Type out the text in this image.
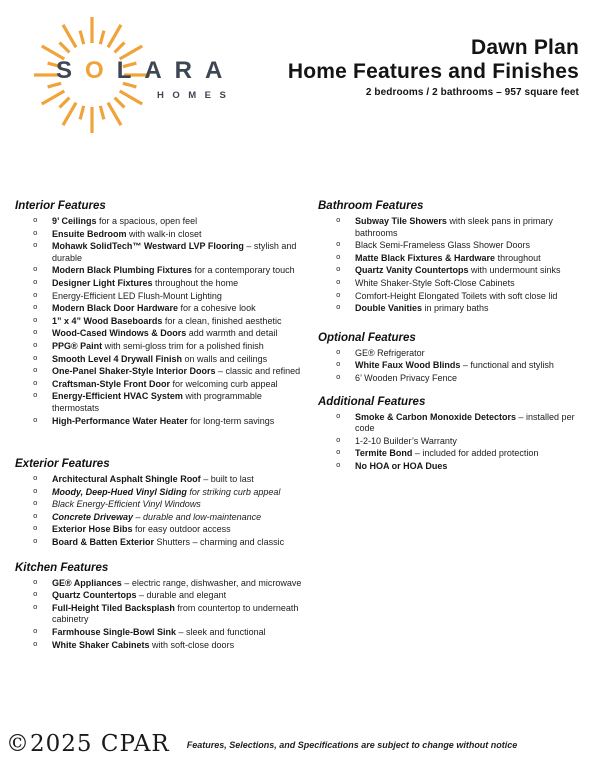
SOLARA
HOMES
Dawn Plan
Home Features and Finishes
2 bedrooms / 2 bathrooms – 957 square feet
Interior Features
o	9’ Ceilings for a spacious, open feel
o	Ensuite Bedroom with walk-in closet
o	Mohawk SolidTech™ Westward LVP Flooring – stylish and durable
o	Modern Black Plumbing Fixtures for a contemporary touch
o	Designer Light Fixtures throughout the home
o	Energy-Efficient LED Flush-Mount Lighting
o	Modern Black Door Hardware for a cohesive look
o	1” x 4” Wood Baseboards for a clean, finished aesthetic
o	Wood-Cased Windows & Doors add warmth and detail
o	PPG® Paint with semi-gloss trim for a polished finish
o	Smooth Level 4 Drywall Finish on walls and ceilings
o	One-Panel Shaker-Style Interior Doors – classic and refined
o	Craftsman-Style Front Door for welcoming curb appeal
o	Energy-Efficient HVAC System with programmable thermostats
o	High-Performance Water Heater for long-term savings
Exterior Features
o	Architectural Asphalt Shingle Roof – built to last
o	Moody, Deep-Hued Vinyl Siding for striking curb appeal
o	Black Energy-Efficient Vinyl Windows
o	Concrete Driveway – durable and low-maintenance
o	Exterior Hose Bibs for easy outdoor access
o	Board & Batten Exterior Shutters – charming and classic
Kitchen Features
o	GE® Appliances – electric range, dishwasher, and microwave
o	Quartz Countertops – durable and elegant
o	Full-Height Tiled Backsplash from countertop to underneath cabinetry
o	Farmhouse Single-Bowl Sink – sleek and functional
o	White Shaker Cabinets with soft-close doors
Bathroom Features
o	Subway Tile Showers with sleek pans in primary bathrooms
o	Black Semi-Frameless Glass Shower Doors
o	Matte Black Fixtures & Hardware throughout
o	Quartz Vanity Countertops with undermount sinks
o	White Shaker-Style Soft-Close Cabinets
o	Comfort-Height Elongated Toilets with soft close lid
o	Double Vanities in primary baths
Optional Features
o	GE® Refrigerator
o	White Faux Wood Blinds – functional and stylish
o	6’ Wooden Privacy Fence
Additional Features
o	Smoke & Carbon Monoxide Detectors – installed per code
o	1-2-10 Builder’s Warranty
o	Termite Bond – included for added protection
o	No HOA or HOA Dues
©2025 CPAR Features, Selections, and Specifications are subject to change without notice
